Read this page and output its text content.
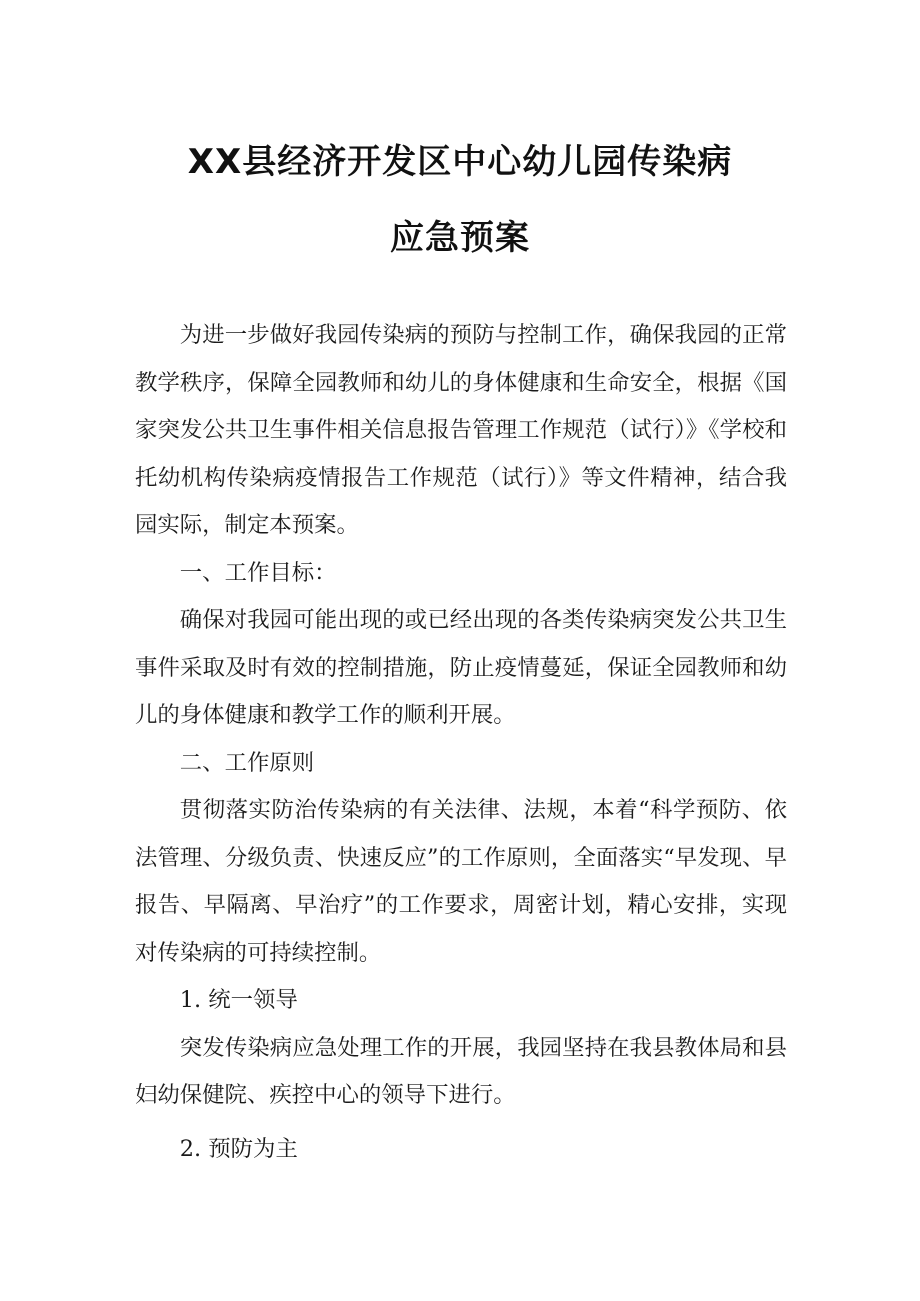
XX县经济开发区中心幼儿园传染病
应急预案

为进一步做好我园传染病的预防与控制工作，确保我园的正常教学秩序，保障全园教师和幼儿的身体健康和生命安全，根据《国家突发公共卫生事件相关信息报告管理工作规范（试行）》《学校和托幼机构传染病疫情报告工作规范（试行）》等文件精神，结合我园实际，制定本预案。

一、工作目标：

确保对我园可能出现的或已经出现的各类传染病突发公共卫生事件采取及时有效的控制措施，防止疫情蔓延，保证全园教师和幼儿的身体健康和教学工作的顺利开展。

二、工作原则

贯彻落实防治传染病的有关法律、法规，本着“科学预防、依法管理、分级负责、快速反应”的工作原则，全面落实“早发现、早报告、早隔离、早治疗”的工作要求，周密计划，精心安排，实现对传染病的可持续控制。

1. 统一领导

突发传染病应急处理工作的开展，我园坚持在我县教体局和县妇幼保健院、疾控中心的领导下进行。

2. 预防为主
